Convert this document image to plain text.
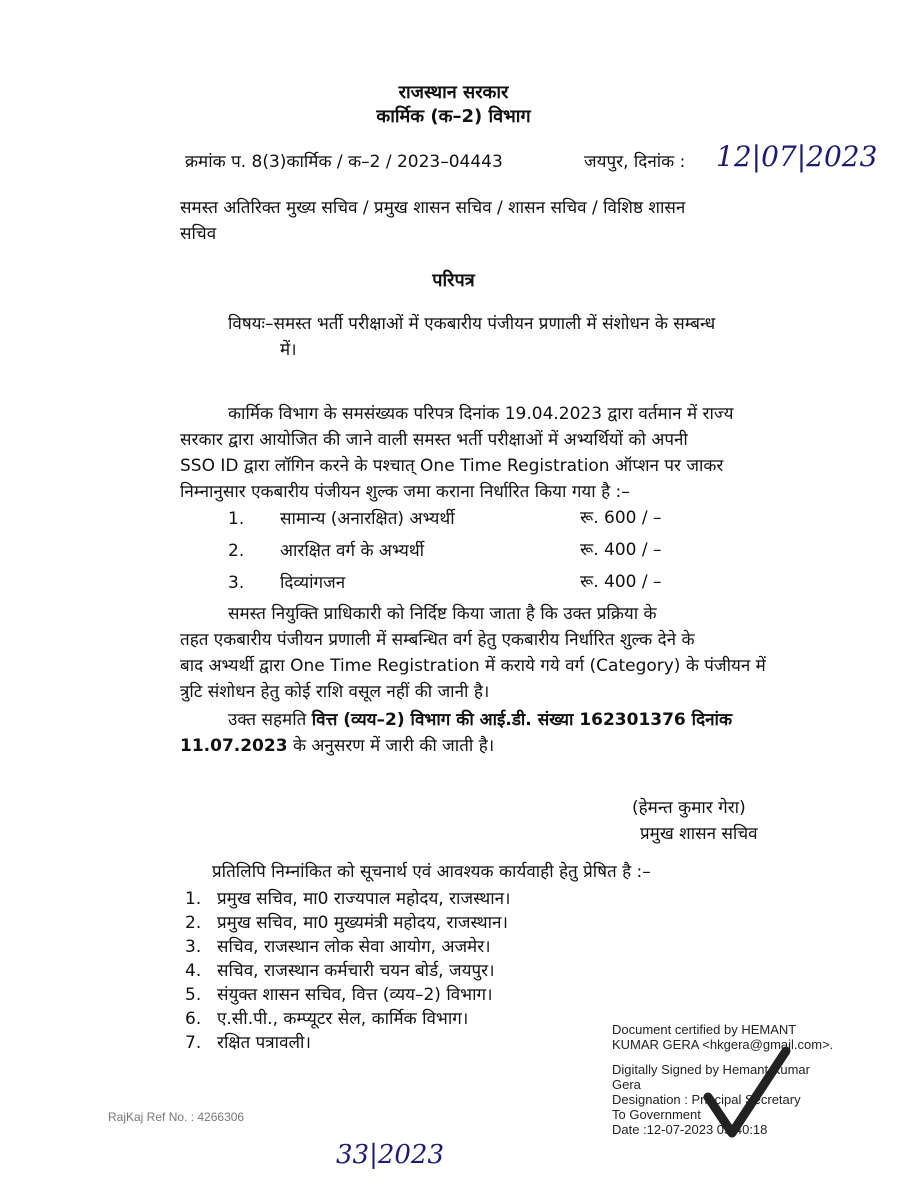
राजस्थान सरकार
कार्मिक (क–2) विभाग
क्रमांक प. 8(3)कार्मिक / क–2 / 2023–04443	जयपुर, दिनांक : 12|07|2023
समस्त अतिरिक्त मुख्य सचिव / प्रमुख शासन सचिव / शासन सचिव / विशिष्ठ शासन
सचिव
परिपत्र
विषयः–समस्त भर्ती परीक्षाओं में एकबारीय पंजीयन प्रणाली में संशोधन के सम्बन्ध
में।
कार्मिक विभाग के समसंख्यक परिपत्र दिनांक 19.04.2023 द्वारा वर्तमान में राज्य
सरकार द्वारा आयोजित की जाने वाली समस्त भर्ती परीक्षाओं में अभ्यर्थियों को अपनी
SSO ID द्वारा लॉगिन करने के पश्चात् One Time Registration ऑप्शन पर जाकर
निम्नानुसार एकबारीय पंजीयन शुल्क जमा कराना निर्धारित किया गया है :–
1. सामान्य (अनारक्षित) अभ्यर्थी	रू. 600 / –
2. आरक्षित वर्ग के अभ्यर्थी	रू. 400 / –
3. दिव्यांगजन	रू. 400 / –
समस्त नियुक्ति प्राधिकारी को निर्दिष्ट किया जाता है कि उक्त प्रक्रिया के
तहत एकबारीय पंजीयन प्रणाली में सम्बन्धित वर्ग हेतु एकबारीय निर्धारित शुल्क देने के
बाद अभ्यर्थी द्वारा One Time Registration में कराये गये वर्ग (Category) के पंजीयन में
त्रुटि संशोधन हेतु कोई राशि वसूल नहीं की जानी है।
उक्त सहमति वित्त (व्यय–2) विभाग की आई.डी. संख्या 162301376 दिनांक
11.07.2023 के अनुसरण में जारी की जाती है।
(हेमन्त कुमार गेरा)
प्रमुख शासन सचिव
प्रतिलिपि निम्नांकित को सूचनार्थ एवं आवश्यक कार्यवाही हेतु प्रेषित है :–
1. प्रमुख सचिव, मा0 राज्यपाल महोदय, राजस्थान।
2. प्रमुख सचिव, मा0 मुख्यमंत्री महोदय, राजस्थान।
3. सचिव, राजस्थान लोक सेवा आयोग, अजमेर।
4. सचिव, राजस्थान कर्मचारी चयन बोर्ड, जयपुर।
5. संयुक्त शासन सचिव, वित्त (व्यय–2) विभाग।
6. ए.सी.पी., कम्प्यूटर सेल, कार्मिक विभाग।
7. रक्षित पत्रावली।
Document certified by HEMANT
KUMAR GERA <hkgera@gmail.com>.
Digitally Signed by Hemant Kumar
Gera
Designation : Principal Secretary
To Government
Date :12-07-2023 05:40:18
RajKaj Ref No. : 4266306
33|2023
